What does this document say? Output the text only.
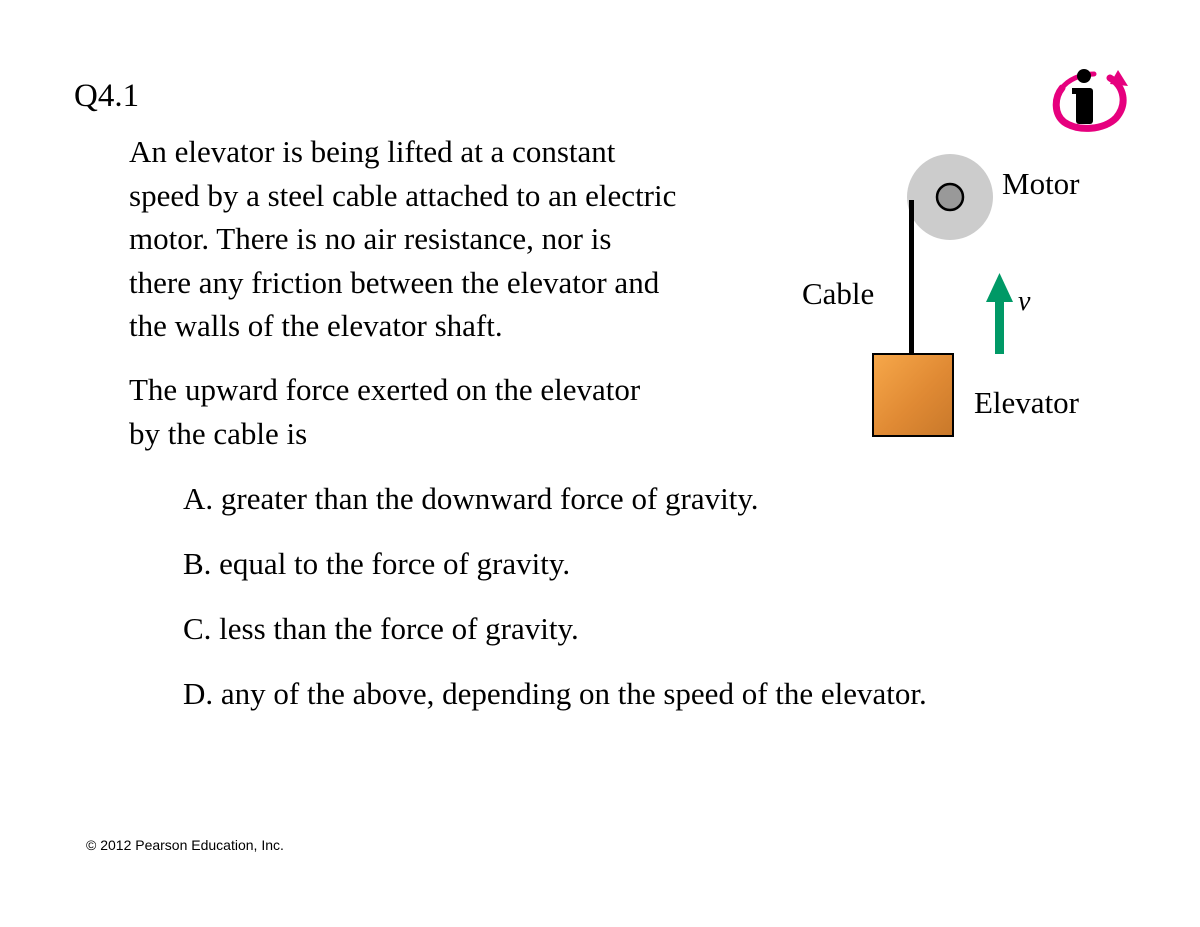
Q4.1
An elevator is being lifted at a constant
speed by a steel cable attached to an electric
motor. There is no air resistance, nor is
there any friction between the elevator and
the walls of the elevator shaft.
The upward force exerted on the elevator
by the cable is
A. greater than the downward force of gravity.
B. equal to the force of gravity.
C. less than the force of gravity.
D. any of the above, depending on the speed of the elevator.
© 2012 Pearson Education, Inc.
Motor
Cable	v
Elevator
